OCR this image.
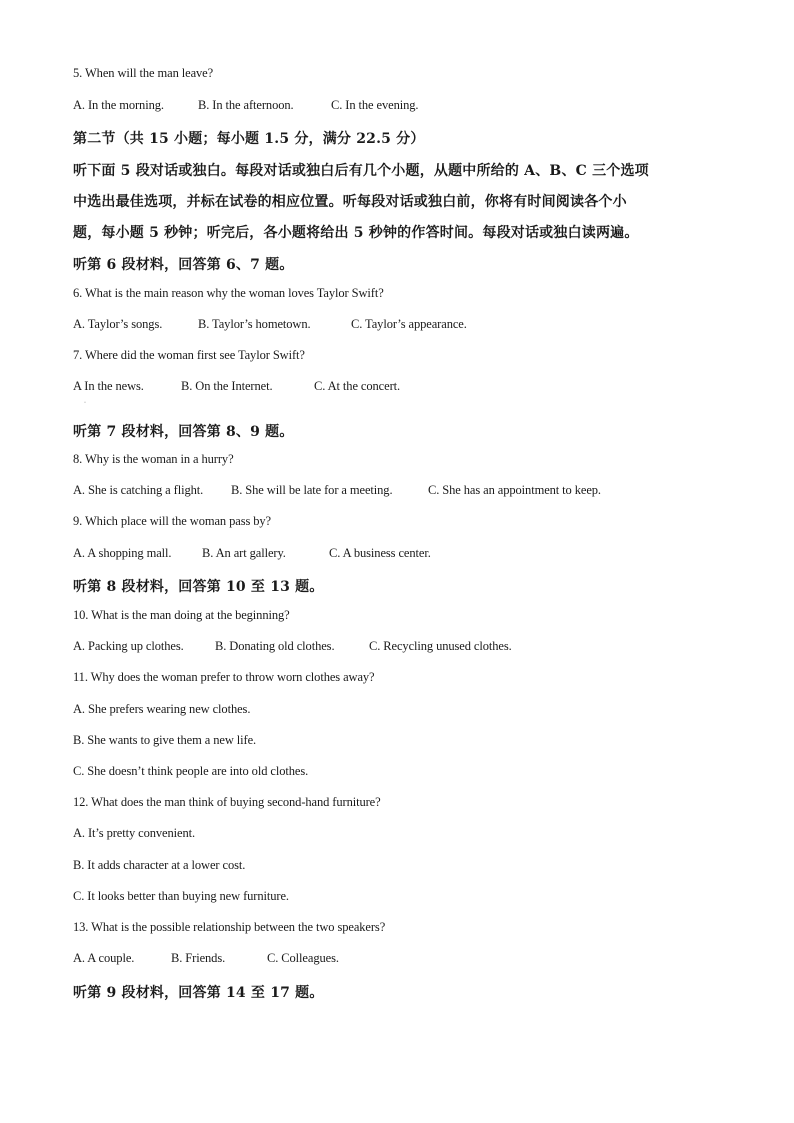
5. When will the man leave?
A. In the morning.	B. In the afternoon.	C. In the evening.
第二节（共 15 小题；每小题 1.5 分，满分 22.5 分）
听下面 5 段对话或独白。每段对话或独白后有几个小题，从题中所给的 A、B、C 三个选项
中选出最佳选项，并标在试卷的相应位置。听每段对话或独白前，你将有时间阅读各个小
题，每小题 5 秒钟；听完后，各小题将给出 5 秒钟的作答时间。每段对话或独白读两遍。
听第 6 段材料，回答第 6、7 题。
6. What is the main reason why the woman loves Taylor Swift?
A. Taylor’s songs.	B. Taylor’s hometown.	C. Taylor’s appearance.
7. Where did the woman first see Taylor Swift?
A In the news.	B. On the Internet.	C. At the concert.
·
听第 7 段材料，回答第 8、9 题。
8. Why is the woman in a hurry?
A. She is catching a flight. B. She will be late for a meeting.	C. She has an appointment to keep.
9. Which place will the woman pass by?
A. A shopping mall. B. An art gallery.	C. A business center.
听第 8 段材料，回答第 10 至 13 题。
10. What is the man doing at the beginning?
A. Packing up clothes.	B. Donating old clothes.	C. Recycling unused clothes.
11. Why does the woman prefer to throw worn clothes away?
A. She prefers wearing new clothes.
B. She wants to give them a new life.
C. She doesn’t think people are into old clothes.
12. What does the man think of buying second-hand furniture?
A. It’s pretty convenient.
B. It adds character at a lower cost.
C. It looks better than buying new furniture.
13. What is the possible relationship between the two speakers?
A. A couple.	B. Friends.	C. Colleagues.
听第 9 段材料，回答第 14 至 17 题。
